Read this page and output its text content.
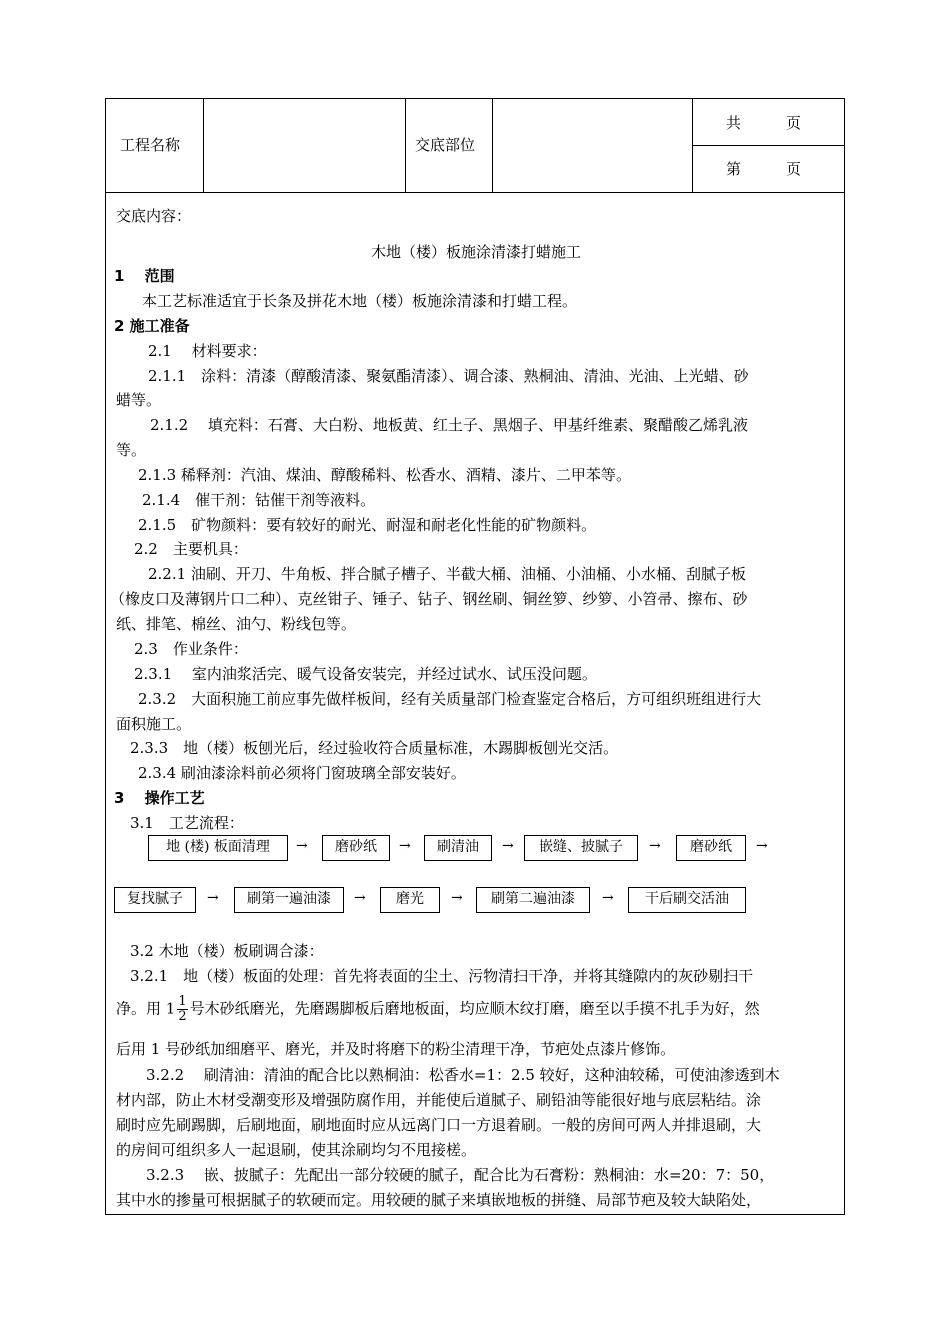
工程名称	交底部位
共　　　页
第　　　页
交底内容：
木地（楼）板施涂清漆打蜡施工
1　 范围
本工艺标准适宜于长条及拼花木地（楼）板施涂清漆和打蜡工程。
2 施工准备
2.1　 材料要求：
2.1.1　涂料：清漆（醇酸清漆、聚氨酯清漆）、调合漆、熟桐油、清油、光油、上光蜡、砂
蜡等。
2.1.2　 填充料：石膏、大白粉、地板黄、红土子、黑烟子、甲基纤维素、聚醋酸乙烯乳液
等。
2.1.3 稀释剂：汽油、煤油、醇酸稀料、松香水、酒精、漆片、二甲苯等。
2.1.4　催干剂：钴催干剂等液料。
2.1.5　矿物颜料：要有较好的耐光、耐湿和耐老化性能的矿物颜料。
2.2　主要机具：
2.2.1 油刷、开刀、牛角板、拌合腻子槽子、半截大桶、油桶、小油桶、小水桶、刮腻子板
（橡皮口及薄钢片口二种）、克丝钳子、锤子、钻子、钢丝刷、铜丝箩、纱箩、小笤帚、擦布、砂
纸、排笔、棉丝、油勺、粉线包等。
2.3　作业条件：
2.3.1　 室内油浆活完、暖气设备安装完，并经过试水、试压没问题。
2.3.2　大面积施工前应事先做样板间，经有关质量部门检查鉴定合格后，方可组织班组进行大
面积施工。
2.3.3　地（楼）板刨光后，经过验收符合质量标准，木踢脚板刨光交活。
2.3.4 刷油漆涂料前必须将门窗玻璃全部安装好。
3　 操作工艺
3.1　工艺流程：
地 (楼) 板面清理	→	磨砂纸	→	刷清油	→	嵌缝、披腻子	→	磨砂纸	→
复找腻子	→	刷第一遍油漆	→	磨光	→	刷第二遍油漆	→	干后刷交活油
3.2 木地（楼）板刷调合漆：
3.2.1　地（楼）板面的处理：首先将表面的尘土、污物清扫干净，并将其缝隙内的灰砂剔扫干
净。用 $1 \frac{1}{2}$ 号木砂纸磨光，先磨踢脚板后磨地板面，均应顺木纹打磨，磨至以手摸不扎手为好，然
后用 1 号砂纸加细磨平、磨光，并及时将磨下的粉尘清理干净，节疤处点漆片修饰。
3.2.2　 刷清油：清油的配合比以熟桐油：松香水=1：2.5 较好，这种油较稀，可使油渗透到木
材内部，防止木材受潮变形及增强防腐作用，并能使后道腻子、刷铅油等能很好地与底层粘结。涂
刷时应先刷踢脚，后刷地面，刷地面时应从远离门口一方退着刷。一般的房间可两人并排退刷，大
的房间可组织多人一起退刷，使其涂刷均匀不甩接槎。
3.2.3　 嵌、披腻子：先配出一部分较硬的腻子，配合比为石膏粉：熟桐油：水=20：7：50，
其中水的掺量可根据腻子的软硬而定。用较硬的腻子来填嵌地板的拼缝、局部节疤及较大缺陷处，
